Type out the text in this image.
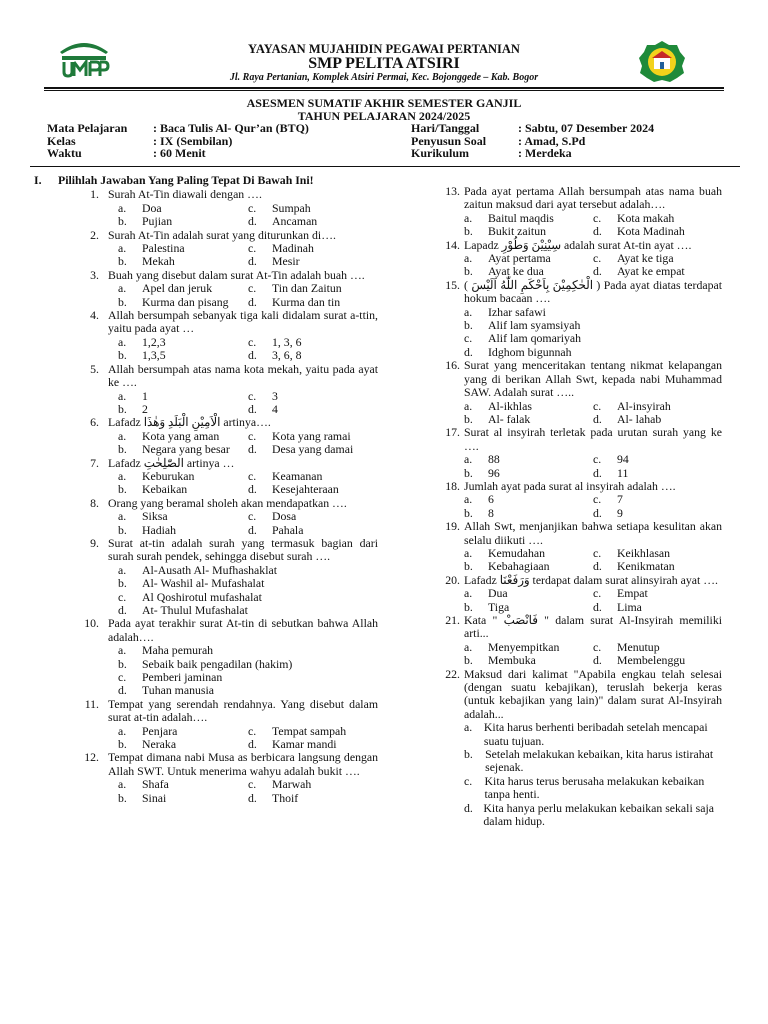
YAYASAN MUJAHIDIN PEGAWAI PERTANIAN
SMP PELITA ATSIRI
Jl. Raya Pertanian, Komplek Atsiri Permai, Kec. Bojonggede – Kab. Bogor
ASESMEN SUMATIF AKHIR SEMESTER GANJIL
TAHUN PELAJARAN 2024/2025
Mata Pelajaran	: Baca Tulis Al- Qur’an (BTQ)
Kelas	: IX (Sembilan)
Waktu	: 60 Menit
Hari/Tanggal	: Sabtu, 07 Desember 2024
Penyusun Soal	: Amad, S.Pd
Kurikulum	: Merdeka
I.	Pilihlah Jawaban Yang Paling Tepat Di Bawah Ini!
1. Surah At-Tin diawali dengan ….
a.	Doa	c.	Sumpah
b.	Pujian	d.	Ancaman
2. Surah At-Tin adalah surat yang diturunkan di….
a.	Palestina	c.	Madinah
b.	Mekah	d.	Mesir
3. Buah yang disebut dalam surat At-Tin adalah buah ….
a.	Apel dan jeruk	c.	Tin dan Zaitun
b.	Kurma dan pisang d.	Kurma dan tin
4. Allah bersumpah sebanyak tiga kali didalam surat a-ttin, yaitu pada ayat …
a.	1,2,3	c.	1, 3, 6
b.	1,3,5	d.	3, 6, 8
5. Allah bersumpah atas nama kota mekah, yaitu pada ayat ke ….
a.	1	c.	3
b.	2	d.	4
6. Lafadz الْاَمِيْنِ الْبَلَدِ وَهٰذَا artinya….
a.	Kota yang aman c.	Kota yang ramai
b.	Negara yang besar d.	Desa yang damai
7. Lafadz الصّٰلِحٰتِ artinya …
a.	Keburukan	c.	Keamanan
b.	Kebaikan	d.	Kesejahteraan
8. Orang yang beramal sholeh akan mendapatkan ….
a.	Siksa	c.	Dosa
b.	Hadiah	d.	Pahala
9. Surat at-tin adalah surah yang termasuk bagian dari surah surah pendek, sehingga disebut surah ….
a.	Al-Ausath Al- Mufhashaklat
b.	Al- Washil al- Mufashalat
c.	Al Qoshirotul mufashalat
d.	At- Thulul Mufashalat
10. Pada ayat terakhir surat At-tin di sebutkan bahwa Allah adalah….
a.	Maha pemurah
b.	Sebaik baik pengadilan (hakim)
c.	Pemberi jaminan
d.	Tuhan manusia
11. Tempat yang serendah rendahnya. Yang disebut dalam surat at-tin adalah….
a.	Penjara	c.	Tempat sampah
b.	Neraka	d.	Kamar mandi
12. Tempat dimana nabi Musa as berbicara langsung dengan Allah SWT. Untuk menerima wahyu adalah bukit ….
a.	Shafa	c.	Marwah
b.	Sinai	d.	Thoif
13. Pada ayat pertama Allah bersumpah atas nama buah zaitun maksud dari ayat tersebut adalah….
a.	Baitul maqdis	c.	Kota makah
b.	Bukit zaitun	d.	Kota Madinah
14. Lapadz سِيْنِيْنَ وَطُوْرِ adalah surat At-tin ayat ….
a.	Ayat pertama	c.	Ayat ke tiga
b.	Ayat ke dua	d.	Ayat ke empat
15. ( الْحٰكِمِيْنَ بِاَحْكَمِ اللّٰهُ اَلَيْسَ ) Pada ayat diatas terdapat hokum bacaan ….
a.	Izhar safawi
b.	Alif lam syamsiyah
c.	Alif lam qomariyah
d.	Idghom bigunnah
16. Surat yang menceritakan tentang nikmat kelapangan yang di berikan Allah Swt, kepada nabi Muhammad SAW. Adalah surat …..
a.	Al-ikhlas	c.	Al-insyirah
b.	Al- falak	d.	Al- lahab
17. Surat al insyirah terletak pada urutan surah yang ke ….
a.	88	c.	94
b.	96	d.	11
18. Jumlah ayat pada surat al insyirah adalah ….
a.	6	c.	7
b.	8	d.	9
19. Allah Swt, menjanjikan bahwa setiapa kesulitan akan selalu diikuti ….
a.	Kemudahan	c.	Keikhlasan
b.	Kebahagiaan	d.	Kenikmatan
20. Lafadz وَرَفَعْنَا terdapat dalam surat alinsyirah ayat ….
a.	Dua	c.	Empat
b.	Tiga	d.	Lima
21. Kata " فَانْصَبْ " dalam surat Al-Insyirah memiliki arti...
a.	Menyempitkan	c.	Menutup
b.	Membuka	d.	Membelenggu
22. Maksud dari kalimat "Apabila engkau telah selesai (dengan suatu kebajikan), teruslah bekerja keras (untuk kebajikan yang lain)" dalam surat Al-Insyirah adalah...
a. Kita harus berhenti beribadah setelah mencapai suatu tujuan.
b.	Setelah melakukan kebaikan, kita harus istirahat sejenak.
c.	Kita harus terus berusaha melakukan kebaikan tanpa henti.
d. Kita hanya perlu melakukan kebaikan sekali saja dalam hidup.
